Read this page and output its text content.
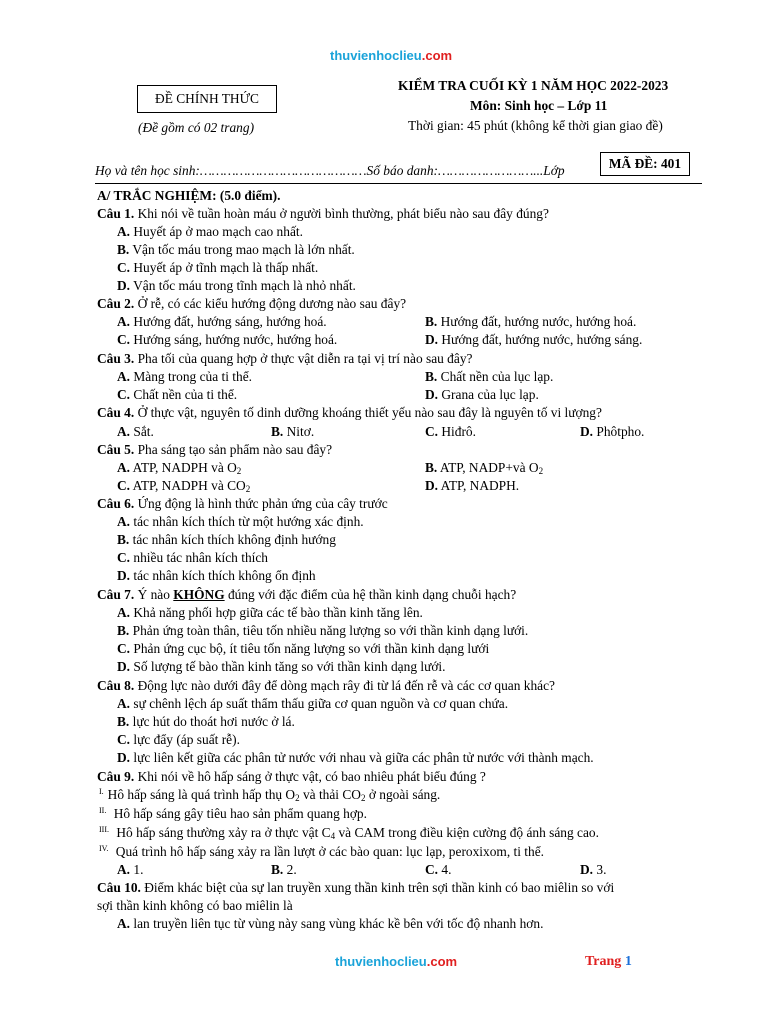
thuvienhoclieu.com
ĐỀ CHÍNH THỨC
(Đề gồm có 02 trang)
KIỂM TRA CUỐI KỲ 1 NĂM HỌC 2022-2023
Môn: Sinh học – Lớp 11
Thời gian: 45 phút (không kể thời gian giao đề)
Họ và tên học sinh:……………………………………Số báo danh:……………………...Lớp	MÃ ĐỀ: 401
A/ TRẮC NGHIỆM: (5.0 điểm).
Câu 1. Khi nói về tuần hoàn máu ở người bình thường, phát biểu nào sau đây đúng?
A. Huyết áp ở mao mạch cao nhất.
B. Vận tốc máu trong mao mạch là lớn nhất.
C. Huyết áp ở tĩnh mạch là thấp nhất.
D. Vận tốc máu trong tĩnh mạch là nhỏ nhất.
Câu 2. Ở rễ, có các kiểu hướng động dương nào sau đây?
A. Hướng đất, hướng sáng, hướng hoá.	B. Hướng đất, hướng nước, hướng hoá.
C. Hướng sáng, hướng nước, hướng hoá.	D. Hướng đất, hướng nước, hướng sáng.
Câu 3. Pha tối của quang hợp ở thực vật diễn ra tại vị trí nào sau đây?
A. Màng trong của ti thể.	B. Chất nền của lục lạp.
C. Chất nền của ti thể.	D. Grana của lục lạp.
Câu 4. Ở thực vật, nguyên tố dinh dưỡng khoáng thiết yếu nào sau đây là nguyên tố vi lượng?
A. Sắt.	B. Nitơ.	C. Hiđrô.	D. Phôtpho.
Câu 5. Pha sáng tạo sản phẩm nào sau đây?
A. ATP, NADPH và $O_2$	B. ATP, NADP+và $O_2$
C. ATP, NADPH và $CO_2$	D. ATP, NADPH.
Câu 6. Ứng động là hình thức phản ứng của cây trước
A. tác nhân kích thích từ một hướng xác định.
B. tác nhân kích thích không định hướng
C. nhiều tác nhân kích thích
D. tác nhân kích thích không ổn định
Câu 7. Ý nào KHÔNG đúng với đặc điểm của hệ thần kinh dạng chuỗi hạch?
A. Khả năng phối hợp giữa các tế bào thần kinh tăng lên.
B. Phản ứng toàn thân, tiêu tốn nhiều năng lượng so với thần kinh dạng lưới.
C. Phản ứng cục bộ, ít tiêu tốn năng lượng so với thần kinh dạng lưới
D. Số lượng tế bào thần kinh tăng so với thần kinh dạng lưới.
Câu 8. Động lực nào dưới đây để dòng mạch rây đi từ lá đến rễ và các cơ quan khác?
A. sự chênh lệch áp suất thẩm thấu giữa cơ quan nguồn và cơ quan chứa.
B. lực hút do thoát hơi nước ở lá.
C. lực đẩy (áp suất rễ).
D. lực liên kết giữa các phân tử nước với nhau và giữa các phân tử nước với thành mạch.
Câu 9. Khi nói về hô hấp sáng ở thực vật, có bao nhiêu phát biểu đúng ?
$^{I.}$ Hô hấp sáng là quá trình hấp thụ $O_2$ và thải $CO_2$ ở ngoài sáng.
$^{II.}$ Hô hấp sáng gây tiêu hao sản phẩm quang hợp.
$^{III.}$ Hô hấp sáng thường xảy ra ở thực vật $C_4$ và CAM trong điều kiện cường độ ánh sáng cao.
$^{IV.}$ Quá trình hô hấp sáng xảy ra lần lượt ở các bào quan: lục lạp, peroxixom, ti thể.
A. 1.	B. 2.	C. 4.	D. 3.
Câu 10. Điểm khác biệt của sự lan truyền xung thần kinh trên sợi thần kinh có bao miêlin so với
sợi thần kinh không có bao miêlin là
A. lan truyền liên tục từ vùng này sang vùng khác kề bên với tốc độ nhanh hơn.
thuvienhoclieu.com	Trang 1
